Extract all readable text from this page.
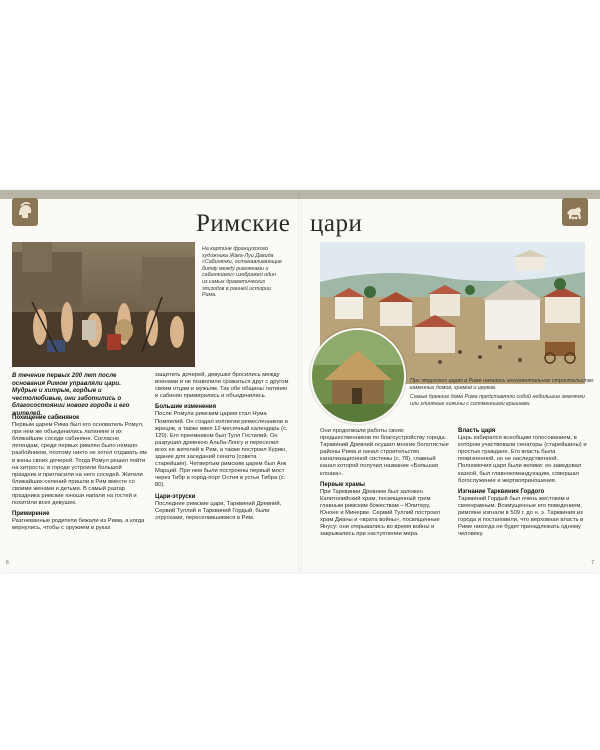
Римские
На картине французского художника Жака-Луи Давида «Сабинянки, останавливающие битву между римлянами и сабинянами» изображен один из самых драматических эпизодов в ранней истории Рима.
В течение первых 200 лет после основания Римом управляли цари. Мудрые и хитрые, гордые и честолюбивые, они заботились о благосостоянии нового города и его жителей.
Похищение сабинянок

Первым царем Рима был его основатель Ромул, при нем же объединились латиняне и их ближайшие соседи сабиняне. Согласно легендам, среди первых римлян было немало разбойников, поэтому никто не хотел отдавать им в жены своих дочерей. Тогда Ромул решил пойти на хитрость: в городе устроили большой праздник и пригласили на него соседей. Жители ближайших селений пришли в Рим вместе со своими женами и детьми. В самый разгар праздника римские юноши напали на гостей и похитили всех девушек.

Примирение

Разгневанные родители бежали из Рима, а когда вернулись, чтобы с оружием в руках

защитить дочерей, девушки бросились между воинами и не позволили сражаться друг с другом своим отцам и мужьям. Так обе общины латинян и сабинян примирились и объединились.

Большие изменения

После Ромула римским царем стал Нума Помпилий. Он создал коллегии ремесленников и жрецов, а также ввел 12-месячный календарь (с. 120). Его преемником был Тулл Гостилий. Он разрушил древнюю Альба-Лонгу и переселил всех ее жителей в Рим, а также построил Курию, здание для заседаний сената (совета старейшин). Четвертым римским царем был Анк Марций. При нем были построены первый мост через Тибр и город-порт Остия в устье Тибра (с. 80).

Цари-этруски

Последние римские цари, Тарквиний Древний, Сервий Туллий и Тарквиний Гордый, были этрусками, переселившимися в Рим.

6
цари
При этрусских царях в Риме началось монументальное строительство каменных домов, храмов и церков.
Самые древние дома Рима представляли собой небольшие землянки или глиняные хижины с соломенными крышами.

Они продолжали работы своих предшественников по благоустройству города. Тарквиний Древний осушил многие болотистые районы Рима и начал строительство канализационной системы (с. 78), главный канал которой получил название «Большая клоака».

Первые храмы

При Тарквинии Древнем был заложен Капитолийский храм, посвященный трем главным римским божествам – Юпитеру, Юноне и Минерве. Сервий Туллий построил храм Дианы и «врата войны», посвященные Янусу: они открывались во время войны и закрывались при наступлении мира.

Власть царя

Царь избирался всеобщим голосованием, в котором участвовали сенаторы (старейшины) и простые граждане. Его власть была пожизненной, но не наследственной. Полномочия царя были велики: он заведовал казной, был главнокомандующим, совершал богослужение и жертвоприношения.

Изгнание Тарквиния Гордого

Тарквиний Гордый был очень жестоким и своенравным. Возмущенные его поведением, римляне изгнали в 509 г. до н. э. Тарквиния из города и постановили, что верховная власть в Риме никогда не будет принадлежать одному человеку.

7
